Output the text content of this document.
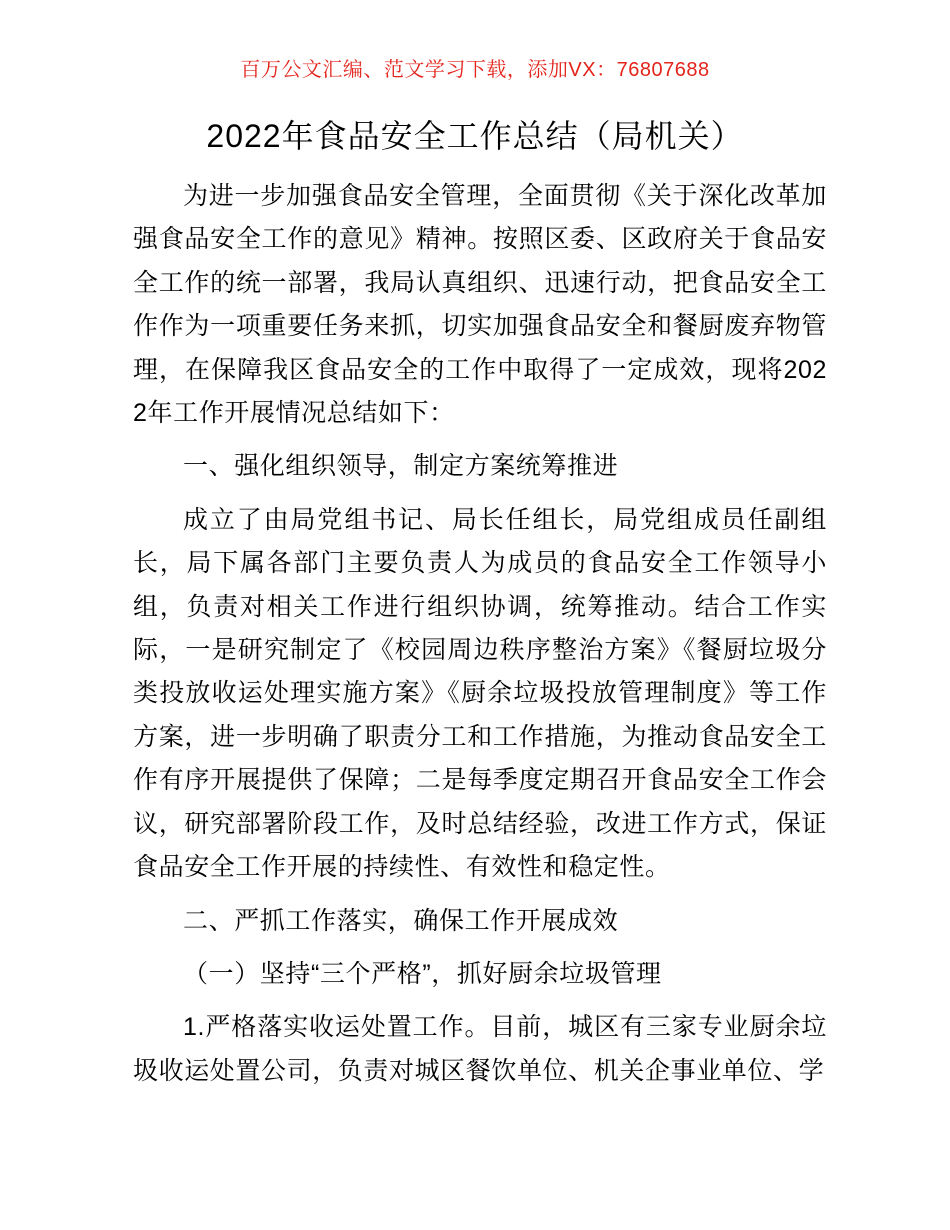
百万公文汇编、范文学习下载，添加VX：76807688
2022年食品安全工作总结（局机关）

为进一步加强食品安全管理，全面贯彻《关于深化改革加强食品安全工作的意见》精神。按照区委、区政府关于食品安全工作的统一部署，我局认真组织、迅速行动，把食品安全工作作为一项重要任务来抓，切实加强食品安全和餐厨废弃物管理，在保障我区食品安全的工作中取得了一定成效，现将2022年工作开展情况总结如下：

一、强化组织领导，制定方案统筹推进

成立了由局党组书记、局长任组长，局党组成员任副组长，局下属各部门主要负责人为成员的食品安全工作领导小组，负责对相关工作进行组织协调，统筹推动。结合工作实际，一是研究制定了《校园周边秩序整治方案》《餐厨垃圾分类投放收运处理实施方案》《厨余垃圾投放管理制度》等工作方案，进一步明确了职责分工和工作措施，为推动食品安全工作有序开展提供了保障；二是每季度定期召开食品安全工作会议，研究部署阶段工作，及时总结经验，改进工作方式，保证食品安全工作开展的持续性、有效性和稳定性。

二、严抓工作落实，确保工作开展成效

（一）坚持“三个严格”，抓好厨余垃圾管理

1.严格落实收运处置工作。目前，城区有三家专业厨余垃圾收运处置公司，负责对城区餐饮单位、机关企事业单位、学
